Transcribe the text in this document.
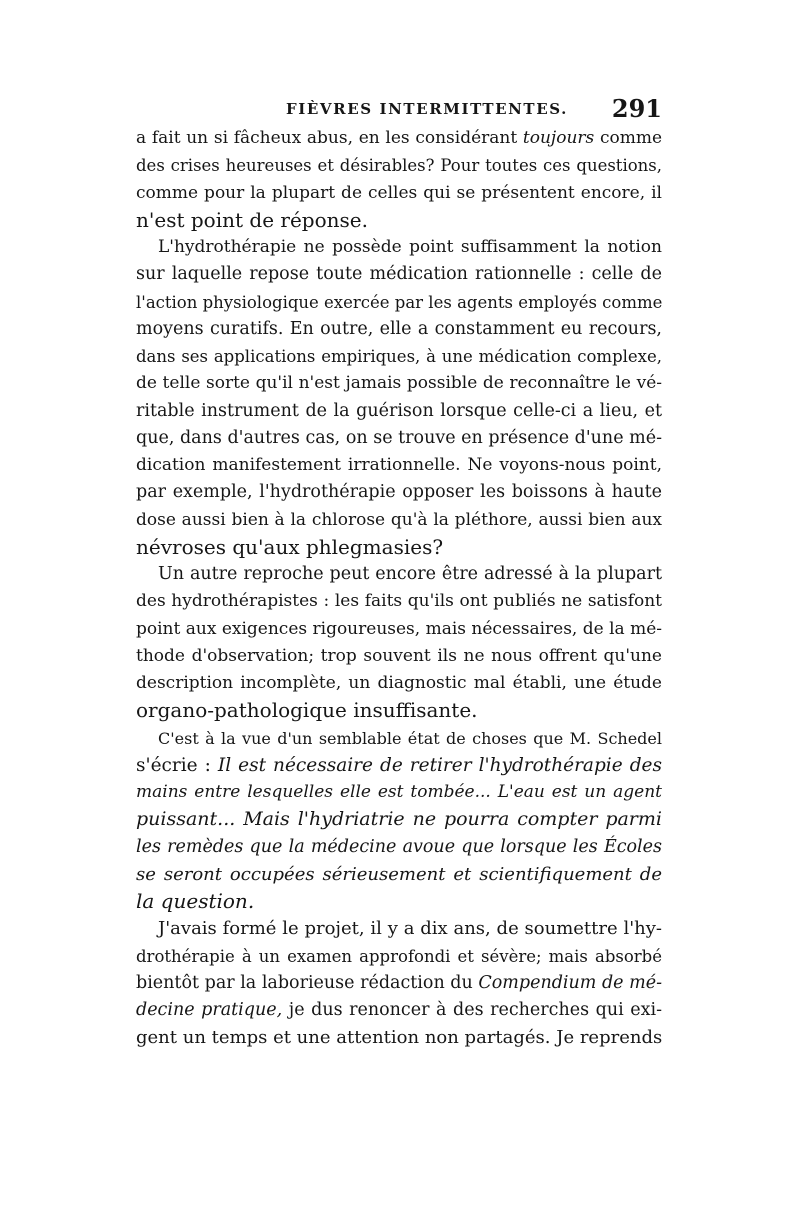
FIÈVRES INTERMITTENTES. 291
a fait un si fâcheux abus, en les considérant toujours comme
des crises heureuses et désirables? Pour toutes ces questions,
comme pour la plupart de celles qui se présentent encore, il
n'est point de réponse.
L'hydrothérapie ne possède point suffisamment la notion
sur laquelle repose toute médication rationnelle : celle de
l'action physiologique exercée par les agents employés comme
moyens curatifs. En outre, elle a constamment eu recours,
dans ses applications empiriques, à une médication complexe,
de telle sorte qu'il n'est jamais possible de reconnaître le vé-
ritable instrument de la guérison lorsque celle-ci a lieu, et
que, dans d'autres cas, on se trouve en présence d'une mé-
dication manifestement irrationnelle. Ne voyons-nous point,
par exemple, l'hydrothérapie opposer les boissons à haute
dose aussi bien à la chlorose qu'à la pléthore, aussi bien aux
névroses qu'aux phlegmasies?
Un autre reproche peut encore être adressé à la plupart
des hydrothérapistes : les faits qu'ils ont publiés ne satisfont
point aux exigences rigoureuses, mais nécessaires, de la mé-
thode d'observation; trop souvent ils ne nous offrent qu'une
description incomplète, un diagnostic mal établi, une étude
organo-pathologique insuffisante.
C'est à la vue d'un semblable état de choses que M. Schedel
s'écrie : Il est nécessaire de retirer l'hydrothérapie des
mains entre lesquelles elle est tombée... L'eau est un agent
puissant... Mais l'hydriatrie ne pourra compter parmi
les remèdes que la médecine avoue que lorsque les Écoles
se seront occupées sérieusement et scientifiquement de
la question.
J'avais formé le projet, il y a dix ans, de soumettre l'hy-
drothérapie à un examen approfondi et sévère; mais absorbé
bientôt par la laborieuse rédaction du Compendium de mé-
decine pratique, je dus renoncer à des recherches qui exi-
gent un temps et une attention non partagés. Je reprends
